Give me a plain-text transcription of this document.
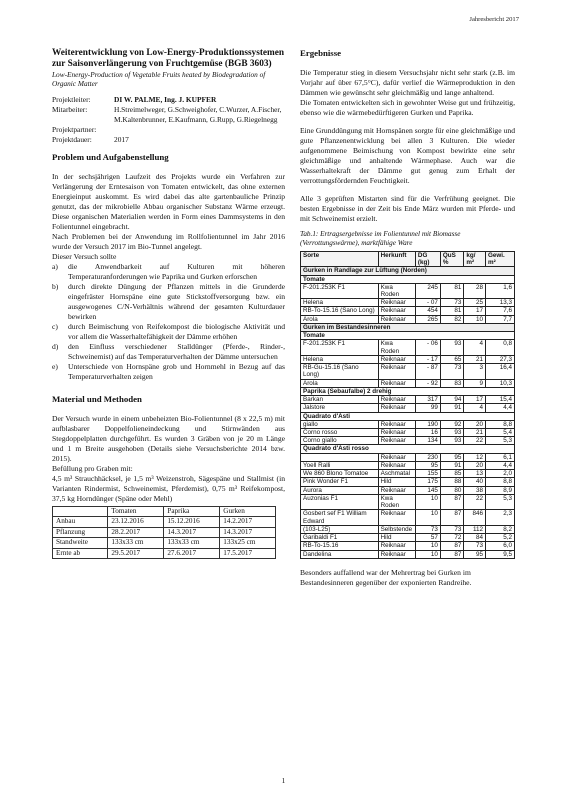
Jahresbericht 2017
Weiterentwicklung von Low-Energy-Produktionssystemen zur Saisonverlängerung von Fruchtgemüse (BGB 3603)
Low-Energy-Production of Vegetable Fruits heated by Biodegradation of Organic Matter
Projektleiter:	DI W. PALME, Ing. J. KUPFER
Mitarbeiter:	H.Streimelweger, G.Schweighofer, C.Wurzer, A.Fischer, M.Kaltenbrunner, E.Kaufmann, G.Rupp, G.Riegelnegg
Projektpartner:
Projektdauer:	2017
Problem und Aufgabenstellung

In der sechsjährigen Laufzeit des Projekts wurde ein Verfahren zur Verlängerung der Erntesaison von Tomaten entwickelt, das ohne externen Energieinput auskommt. Es wird dabei das alte gartenbauliche Prinzip genutzt, das der mikrobielle Abbau organischer Substanz Wärme erzeugt. Diese organischen Materialien werden in Form eines Dammsystems in den Folientunnel eingebracht.

Nach Problemen bei der Anwendung im Rollfolientunnel im Jahr 2016 wurde der Versuch 2017 im Bio-Tunnel angelegt.

Dieser Versuch sollte

a)	die Anwendbarkeit auf Kulturen mit höheren Temperaturanforderungen wie Paprika und Gurken erforschen
b)	durch direkte Düngung der Pflanzen mittels in die Grunderde eingefräster Hornspäne eine gute Stickstoffversorgung bzw. ein ausgewogenes C/N-Verhältnis während der gesamten Kulturdauer bewirken
c)	durch Beimischung von Reifekompost die biologische Aktivität und vor allem die Wasserhaltefähigkeit der Dämme erhöhen
d)	den Einfluss verschiedener Stalldünger (Pferde-, Rinder-, Schweinemist) auf das Temperaturverhalten der Dämme untersuchen
e)	Unterschiede von Hornspäne grob und Hornmehl in Bezug auf das Temperaturverhalten zeigen
Material und Methoden

Der Versuch wurde in einem unbeheizten Bio-Folientunnel (8 x 22,5 m) mit aufblasbarer Doppelfolieneindeckung und Stirnwänden aus Stegdoppelplatten durchgeführt. Es wurden 3 Gräben von je 20 m Länge und 1 m Breite ausgehoben (Details siehe Versuchsberichte 2014 bzw. 2015).

Befüllung pro Graben mit:

4,5 m³ Strauchhäcksel, je 1,5 m³ Weizenstroh, Sägespäne und Stallmist (in Varianten Rindermist, Schweinemist, Pferdemist), 0,75 m³ Reifekompost, 37,5 kg Horndünger (Späne oder Mehl)

	Tomaten	Paprika	Gurken
Anbau	23.12.2016	15.12.2016	14.2.2017
Pflanzung	28.2.2017	14.3.2017	14.3.2017
Standweite	133x33 cm	133x33 cm	133x25 cm
Ernte ab	29.5.2017	27.6.2017	17.5.2017
Ergebnisse

Die Temperatur stieg in diesem Versuchsjahr nicht sehr stark (z.B. im Vorjahr auf über 67,5°C), dafür verlief die Wärmeproduktion in den Dämmen wie gewünscht sehr gleichmäßig und lange anhaltend.

Die Tomaten entwickelten sich in gewohnter Weise gut und frühzeitig, ebenso wie die wärmebedürftigeren Gurken und Paprika.

Eine Grunddüngung mit Hornspänen sorgte für eine gleichmäßige und gute Pflanzenentwicklung bei allen 3 Kulturen. Die wieder aufgenommene Beimischung von Kompost bewirkte eine sehr gleichmäßige und anhaltende Wärmephase. Auch war die Wasserhaltekraft der Dämme gut genug zum Erhalt der verrottungsfördernden Feuchtigkeit.

Alle 3 geprüften Mistarten sind für die Verfrühung geeignet. Die besten Ergebnisse in der Zeit bis Ende März wurden mit Pferde- und mit Schweinemist erzielt.

Tab.1: Ertragsergebnisse im Folientunnel mit Biomasse (Verrottungswärme), marktfähige Ware
Sorte	Herkunft	DG (kg)	QuS %	kg/ m²	Gewi. m²
Gurken in Randlage zur Lüftung (Norden)					
Tomate					
F-201.253K F1	Kwa Roden	245	81	28	1,6
Helena	Reiknaar	- 07	73	25	13,3
RB-To-15.16 (Sano Long)	Reiknaar	454	81	17	7,6
Arola	Reiknaar	265	82	10	7,7
Gurken im Bestandesinneren					
Tomate					
F-201.253K F1	Kwa Roden	- 06	93	4	0,8
Helena	Reiknaar	- 17	65	21	27,3
RB-Gu-15.16 (Sano Long)	Reiknaar	- 87	73	3	16,4
Arola	Reiknaar	- 92	83	9	10,3
Paprika (Sebaufalbe) 2 drehig					
Barkan	Reiknaar	317	94	17	15,4
Jalstore	Reiknaar	99	91	4	4,4
Quadrato d'Asti					
giallo	Reiknaar	190	92	20	8,8
Corno rosso	Reiknaar	16	93	21	5,4
Corno giallo	Reiknaar	134	93	22	5,3
Quadrato d'Asti rosso					
	Reiknaar	230	95	12	6,1
Yoell Ralli	Reiknaar	95	91	20	4,4
We 860 Blono Tomatoe	Aschmatal	155	85	13	2,0
Pink Wonder F1	Hild	175	88	40	8,8
Aurora	Reiknaar	145	80	38	8,9
Auzonias F1	Kwa Roden	10	87	22	5,3
Gosbert sef F1 William Edward	Reiknaar	10	87	846	2,3
(103-L25)	Selbstende	73	73	112	8,2
Garibaldi F1	Hild	57	72	84	5,2
RB-To-15.16	Reiknaar	10	87	73	6,0
Dandelina	Reiknaar	10	87	95	9,5

Besonders auffallend war der Mehrertrag bei Gurken im Bestandesinneren gegenüber der exponierten Randreihe.

1
